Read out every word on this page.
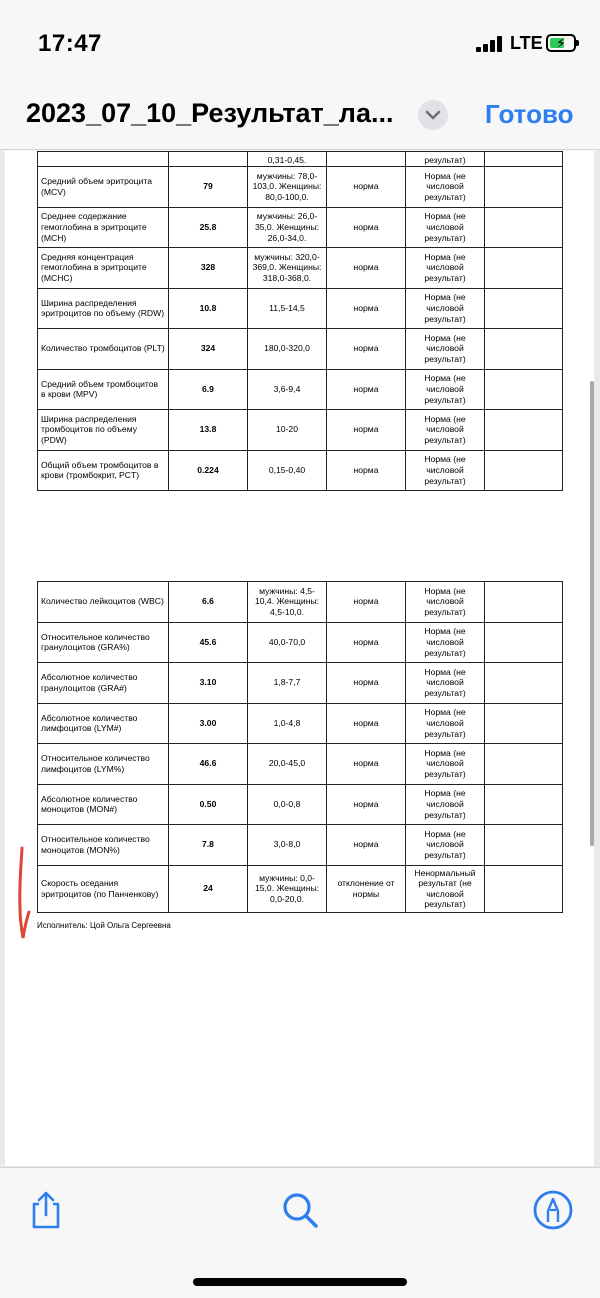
17:47	LTE ⚡
2023_07_10_Результат_ла...	Готово
		0,31-0,45.		результат)	
Средний объем эритроцита (MCV)	79	мужчины: 78,0-103,0. Женщины: 80,0-100,0.	норма	Норма (не числовой результат)	
Среднее содержание гемоглобина в эритроците (MCH)	25.8	мужчины: 26,0-35,0. Женщины: 26,0-34,0.	норма	Норма (не числовой результат)	
Средняя концентрация гемоглобина в эритроците (MCHC)	328	мужчины: 320,0-369,0. Женщины: 318,0-368,0.	норма	Норма (не числовой результат)	
Ширина распределения эритроцитов по объему (RDW)	10.8	11,5-14,5	норма	Норма (не числовой результат)	
Количество тромбоцитов (PLT)	324	180,0-320,0	норма	Норма (не числовой результат)	
Средний объем тромбоцитов в крови (MPV)	6.9	3,6-9,4	норма	Норма (не числовой результат)	
Ширина распределения тромбоцитов по объему (PDW)	13.8	10-20	норма	Норма (не числовой результат)	
Общий объем тромбоцитов в крови (тромбокрит, PCT)	0.224	0,15-0,40	норма	Норма (не числовой результат)	
Количество лейкоцитов (WBC)	6.6	мужчины: 4,5-10,4. Женщины: 4,5-10,0.	норма	Норма (не числовой результат)	
Относительное количество гранулоцитов (GRA%)	45.6	40,0-70,0	норма	Норма (не числовой результат)	
Абсолютное количество гранулоцитов (GRA#)	3.10	1,8-7,7	норма	Норма (не числовой результат)	
Абсолютное количество лимфоцитов (LYM#)	3.00	1,0-4,8	норма	Норма (не числовой результат)	
Относительное количество лимфоцитов (LYM%)	46.6	20,0-45,0	норма	Норма (не числовой результат)	
Абсолютное количество моноцитов (MON#)	0.50	0,0-0,8	норма	Норма (не числовой результат)	
Относительное количество моноцитов (MON%)	7.8	3,0-8,0	норма	Норма (не числовой результат)	
Скорость оседания эритроцитов (по Панченкову)	24	мужчины: 0,0-15,0. Женщины: 0,0-20,0.	отклонение от нормы	Ненормальный результат (не числовой результат)	
Исполнитель: Цой Ольга Сергеевна
